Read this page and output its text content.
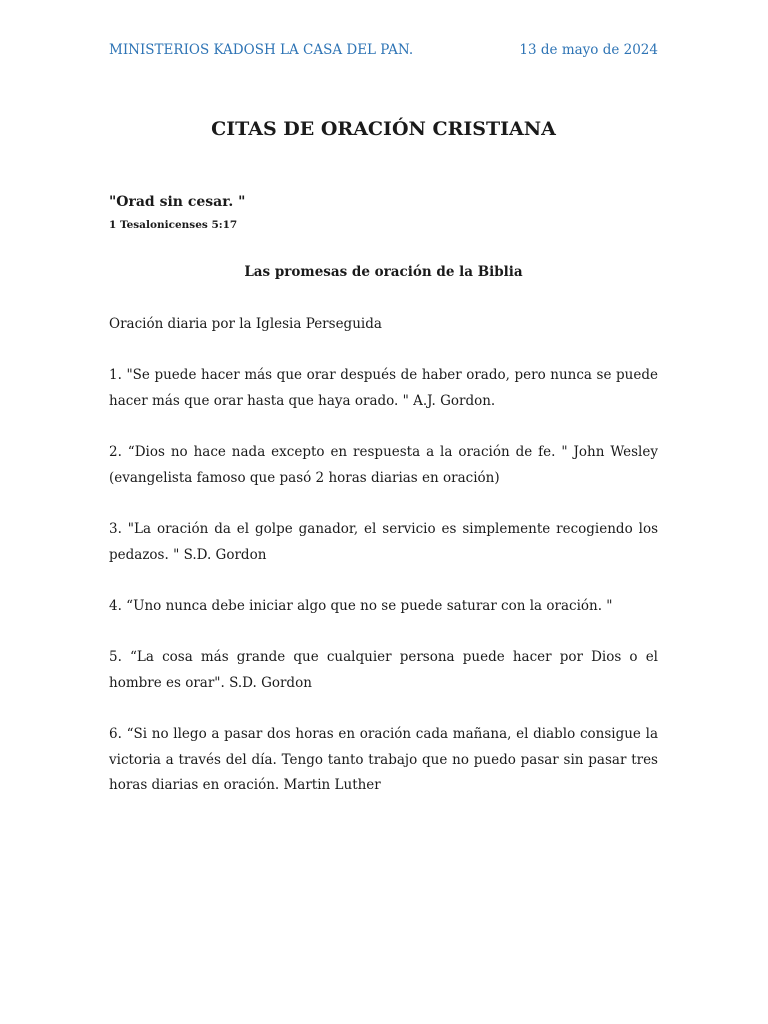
MINISTERIOS KADOSH LA CASA DEL PAN.	13 de mayo de 2024
CITAS DE ORACIÓN CRISTIANA
"Orad sin cesar. "
1 Tesalonicenses 5:17
Las promesas de oración de la Biblia
Oración diaria por la Iglesia Perseguida
1. "Se puede hacer más que orar después de haber orado, pero nunca se puede hacer más que orar hasta que haya orado. " A.J. Gordon.
2. “Dios no hace nada excepto en respuesta a la oración de fe. " John Wesley (evangelista famoso que pasó 2 horas diarias en oración)
3. "La oración da el golpe ganador, el servicio es simplemente recogiendo los pedazos. " S.D. Gordon
4. “Uno nunca debe iniciar algo que no se puede saturar con la oración. "
5. “La cosa más grande que cualquier persona puede hacer por Dios o el hombre es orar". S.D. Gordon
6. “Si no llego a pasar dos horas en oración cada mañana, el diablo consigue la victoria a través del día. Tengo tanto trabajo que no puedo pasar sin pasar tres horas diarias en oración. Martin Luther
